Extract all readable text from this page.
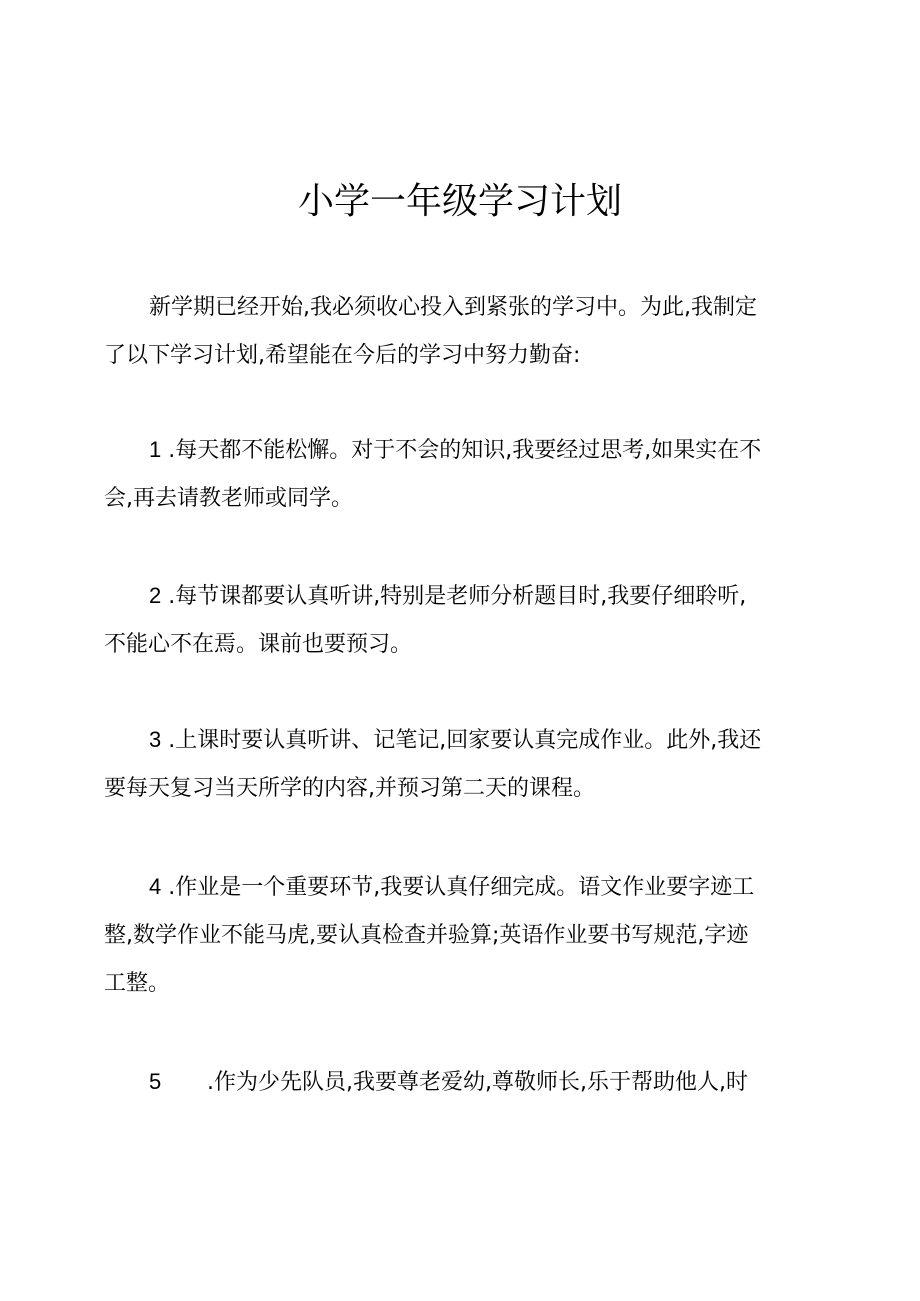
小学一年级学习计划

新学期已经开始,我必须收心投入到紧张的学习中。为此,我制定
了以下学习计划,希望能在今后的学习中努力勤奋:

1 .每天都不能松懈。对于不会的知识,我要经过思考,如果实在不
会,再去请教老师或同学。

2 .每节课都要认真听讲,特别是老师分析题目时,我要仔细聆听,
不能心不在焉。课前也要预习。

3 .上课时要认真听讲、记笔记,回家要认真完成作业。此外,我还
要每天复习当天所学的内容,并预习第二天的课程。

4 .作业是一个重要环节,我要认真仔细完成。语文作业要字迹工
整,数学作业不能马虎,要认真检查并验算;英语作业要书写规范,字迹
工整。

5 .作为少先队员,我要尊老爱幼,尊敬师长,乐于帮助他人,时
